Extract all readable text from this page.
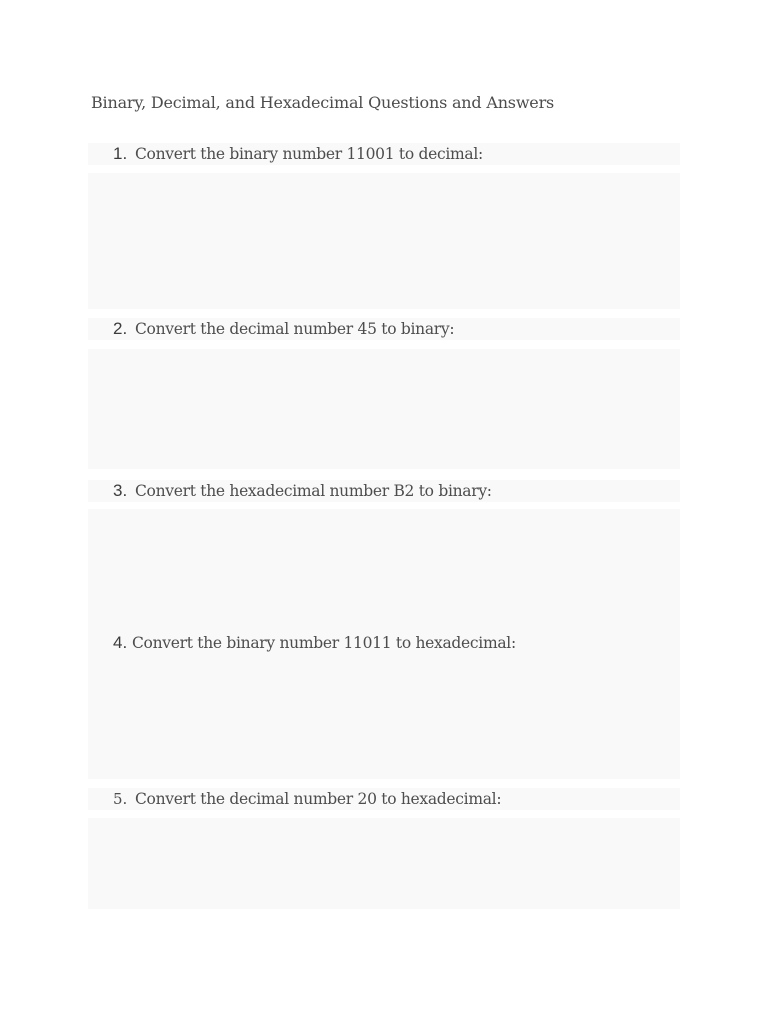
Binary, Decimal, and Hexadecimal Questions and Answers
1. Convert the binary number 11001 to decimal:
2. Convert the decimal number 45 to binary:
3. Convert the hexadecimal number B2 to binary:
4. Convert the binary number 11011 to hexadecimal:
5. Convert the decimal number 20 to hexadecimal:
